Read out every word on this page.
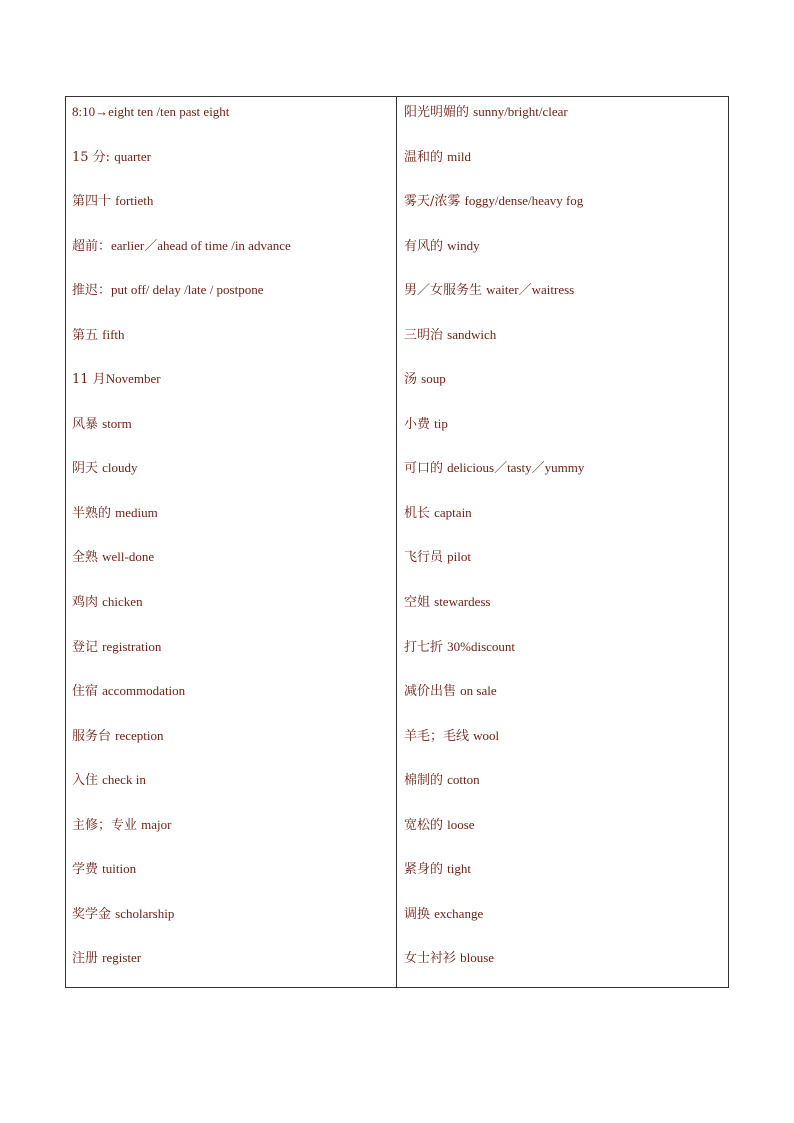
8:10→eight ten /ten past eight
15 分: quarter
第四十 fortieth
超前：earlier／ahead of time /in advance
推迟：put off/ delay /late / postpone
第五 fifth
11 月November
风暴 storm
阴天 cloudy
半熟的 medium
全熟 well-done
鸡肉 chicken
登记 registration
住宿 accommodation
服务台 reception
入住 check in
主修；专业 major
学费 tuition
奖学金 scholarship
注册 register
阳光明媚的 sunny/bright/clear
温和的 mild
雾天/浓雾 foggy/dense/heavy fog
有风的 windy
男／女服务生 waiter／waitress
三明治 sandwich
汤 soup
小费 tip
可口的 delicious／tasty／yummy
机长 captain
飞行员 pilot
空姐 stewardess
打七折 30%discount
减价出售 on sale
羊毛；毛线 wool
棉制的 cotton
宽松的 loose
紧身的 tight
调换 exchange
女士衬衫 blouse
